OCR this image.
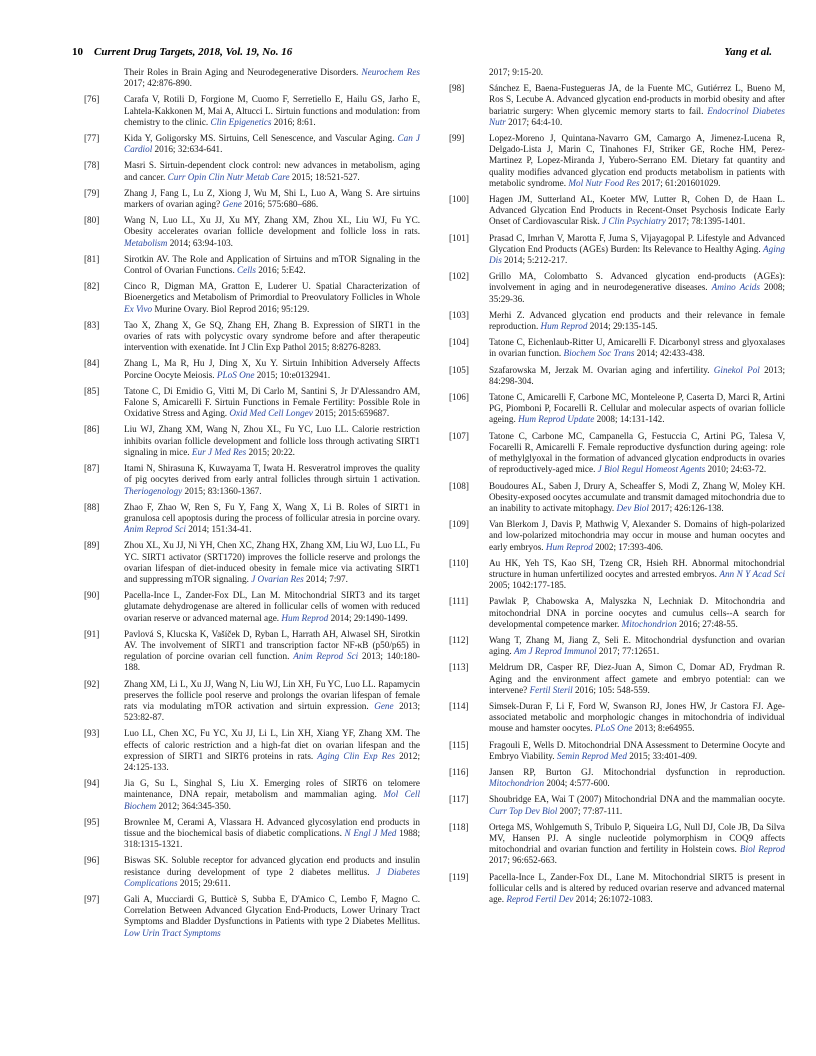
10 Current Drug Targets, 2018, Vol. 19, No. 16	Yang et al.
Their Roles in Brain Aging and Neurodegenerative Disorders. Neurochem Res 2017; 42:876-890.
[76]	Carafa V, Rotili D, Forgione M, Cuomo F, Serretiello E, Hailu GS, Jarho E, Lahtela-Kakkonen M, Mai A, Altucci L. Sirtuin functions and modulation: from chemistry to the clinic. Clin Epigenetics 2016; 8:61.
[77]	Kida Y, Goligorsky MS. Sirtuins, Cell Senescence, and Vascular Aging. Can J Cardiol 2016; 32:634-641.
[78]	Masri S. Sirtuin-dependent clock control: new advances in metabolism, aging and cancer. Curr Opin Clin Nutr Metab Care 2015; 18:521-527.
[79]	Zhang J, Fang L, Lu Z, Xiong J, Wu M, Shi L, Luo A, Wang S. Are sirtuins markers of ovarian aging? Gene 2016; 575:680–686.
[80]	Wang N, Luo LL, Xu JJ, Xu MY, Zhang XM, Zhou XL, Liu WJ, Fu YC. Obesity accelerates ovarian follicle development and follicle loss in rats. Metabolism 2014; 63:94-103.
[81]	Sirotkin AV. The Role and Application of Sirtuins and mTOR Signaling in the Control of Ovarian Functions. Cells 2016; 5:E42.
[82]	Cinco R, Digman MA, Gratton E, Luderer U. Spatial Characterization of Bioenergetics and Metabolism of Primordial to Preovulatory Follicles in Whole Ex Vivo Murine Ovary. Biol Reprod 2016; 95:129.
[83]	Tao X, Zhang X, Ge SQ, Zhang EH, Zhang B. Expression of SIRT1 in the ovaries of rats with polycystic ovary syndrome before and after therapeutic intervention with exenatide. Int J Clin Exp Pathol 2015; 8:8276-8283.
[84]	Zhang L, Ma R, Hu J, Ding X, Xu Y. Sirtuin Inhibition Adversely Affects Porcine Oocyte Meiosis. PLoS One 2015; 10:e0132941.
[85]	Tatone C, Di Emidio G, Vitti M, Di Carlo M, Santini S, Jr D'Alessandro AM, Falone S, Amicarelli F. Sirtuin Functions in Female Fertility: Possible Role in Oxidative Stress and Aging. Oxid Med Cell Longev 2015; 2015:659687.
[86]	Liu WJ, Zhang XM, Wang N, Zhou XL, Fu YC, Luo LL. Calorie restriction inhibits ovarian follicle development and follicle loss through activating SIRT1 signaling in mice. Eur J Med Res 2015; 20:22.
[87]	Itami N, Shirasuna K, Kuwayama T, Iwata H. Resveratrol improves the quality of pig oocytes derived from early antral follicles through sirtuin 1 activation. Theriogenology 2015; 83:1360-1367.
[88]	Zhao F, Zhao W, Ren S, Fu Y, Fang X, Wang X, Li B. Roles of SIRT1 in granulosa cell apoptosis during the process of follicular atresia in porcine ovary. Anim Reprod Sci 2014; 151:34-41.
[89]	Zhou XL, Xu JJ, Ni YH, Chen XC, Zhang HX, Zhang XM, Liu WJ, Luo LL, Fu YC. SIRT1 activator (SRT1720) improves the follicle reserve and prolongs the ovarian lifespan of diet-induced obesity in female mice via activating SIRT1 and suppressing mTOR signaling. J Ovarian Res 2014; 7:97.
[90]	Pacella-Ince L, Zander-Fox DL, Lan M. Mitochondrial SIRT3 and its target glutamate dehydrogenase are altered in follicular cells of women with reduced ovarian reserve or advanced maternal age. Hum Reprod 2014; 29:1490-1499.
[91]	Pavlová S, Klucska K, Vašíček D, Ryban L, Harrath AH, Alwasel SH, Sirotkin AV. The involvement of SIRT1 and transcription factor NF-κB (p50/p65) in regulation of porcine ovarian cell function. Anim Reprod Sci 2013; 140:180-188.
[92]	Zhang XM, Li L, Xu JJ, Wang N, Liu WJ, Lin XH, Fu YC, Luo LL. Rapamycin preserves the follicle pool reserve and prolongs the ovarian lifespan of female rats via modulating mTOR activation and sirtuin expression. Gene 2013; 523:82-87.
[93]	Luo LL, Chen XC, Fu YC, Xu JJ, Li L, Lin XH, Xiang YF, Zhang XM. The effects of caloric restriction and a high-fat diet on ovarian lifespan and the expression of SIRT1 and SIRT6 proteins in rats. Aging Clin Exp Res 2012; 24:125-133.
[94]	Jia G, Su L, Singhal S, Liu X. Emerging roles of SIRT6 on telomere maintenance, DNA repair, metabolism and mammalian aging. Mol Cell Biochem 2012; 364:345-350.
[95]	Brownlee M, Cerami A, Vlassara H. Advanced glycosylation end products in tissue and the biochemical basis of diabetic complications. N Engl J Med 1988; 318:1315-1321.
[96]	Biswas SK. Soluble receptor for advanced glycation end products and insulin resistance during development of type 2 diabetes mellitus. J Diabetes Complications 2015; 29:611.
[97]	Gali A, Mucciardi G, Butticè S, Subba E, D'Amico C, Lembo F, Magno C. Correlation Between Advanced Glycation End-Products, Lower Urinary Tract Symptoms and Bladder Dysfunctions in Patients with type 2 Diabetes Mellitus. Low Urin Tract Symptoms
2017; 9:15-20.
[98]	Sánchez E, Baena-Fustegueras JA, de la Fuente MC, Gutiérrez L, Bueno M, Ros S, Lecube A. Advanced glycation end-products in morbid obesity and after bariatric surgery: When glycemic memory starts to fail. Endocrinol Diabetes Nutr 2017; 64:4-10.
[99]	Lopez-Moreno J, Quintana-Navarro GM, Camargo A, Jimenez-Lucena R, Delgado-Lista J, Marin C, Tinahones FJ, Striker GE, Roche HM, Perez-Martinez P, Lopez-Miranda J, Yubero-Serrano EM. Dietary fat quantity and quality modifies advanced glycation end products metabolism in patients with metabolic syndrome. Mol Nutr Food Res 2017; 61:201601029.
[100] Hagen JM, Sutterland AL, Koeter MW, Lutter R, Cohen D, de Haan L. Advanced Glycation End Products in Recent-Onset Psychosis Indicate Early Onset of Cardiovascular Risk. J Clin Psychiatry 2017; 78:1395-1401.
[101] Prasad C, Imrhan V, Marotta F, Juma S, Vijayagopal P. Lifestyle and Advanced Glycation End Products (AGEs) Burden: Its Relevance to Healthy Aging. Aging Dis 2014; 5:212-217.
[102] Grillo MA, Colombatto S. Advanced glycation end-products (AGEs): involvement in aging and in neurodegenerative diseases. Amino Acids 2008; 35:29-36.
[103] Merhi Z. Advanced glycation end products and their relevance in female reproduction. Hum Reprod 2014; 29:135-145.
[104] Tatone C, Eichenlaub-Ritter U, Amicarelli F. Dicarbonyl stress and glyoxalases in ovarian function. Biochem Soc Trans 2014; 42:433-438.
[105] Szafarowska M, Jerzak M. Ovarian aging and infertility. Ginekol Pol 2013; 84:298-304.
[106] Tatone C, Amicarelli F, Carbone MC, Monteleone P, Caserta D, Marci R, Artini PG, Piomboni P, Focarelli R. Cellular and molecular aspects of ovarian follicle ageing. Hum Reprod Update 2008; 14:131-142.
[107] Tatone C, Carbone MC, Campanella G, Festuccia C, Artini PG, Talesa V, Focarelli R, Amicarelli F. Female reproductive dysfunction during ageing: role of methylglyoxal in the formation of advanced glycation endproducts in ovaries of reproductively-aged mice. J Biol Regul Homeost Agents 2010; 24:63-72.
[108] Boudoures AL, Saben J, Drury A, Scheaffer S, Modi Z, Zhang W, Moley KH. Obesity-exposed oocytes accumulate and transmit damaged mitochondria due to an inability to activate mitophagy. Dev Biol 2017; 426:126-138.
[109] Van Blerkom J, Davis P, Mathwig V, Alexander S. Domains of high-polarized and low-polarized mitochondria may occur in mouse and human oocytes and early embryos. Hum Reprod 2002; 17:393-406.
[110] Au HK, Yeh TS, Kao SH, Tzeng CR, Hsieh RH. Abnormal mitochondrial structure in human unfertilized oocytes and arrested embryos. Ann N Y Acad Sci 2005; 1042:177-185.
[111] Pawlak P, Chabowska A, Malyszka N, Lechniak D. Mitochondria and mitochondrial DNA in porcine oocytes and cumulus cells--A search for developmental competence marker. Mitochondrion 2016; 27:48-55.
[112] Wang T, Zhang M, Jiang Z, Seli E. Mitochondrial dysfunction and ovarian aging. Am J Reprod Immunol 2017; 77:12651.
[113] Meldrum DR, Casper RF, Diez-Juan A, Simon C, Domar AD, Frydman R. Aging and the environment affect gamete and embryo potential: can we intervene? Fertil Steril 2016; 105: 548-559.
[114] Simsek-Duran F, Li F, Ford W, Swanson RJ, Jones HW, Jr Castora FJ. Age-associated metabolic and morphologic changes in mitochondria of individual mouse and hamster oocytes. PLoS One 2013; 8:e64955.
[115] Fragouli E, Wells D. Mitochondrial DNA Assessment to Determine Oocyte and Embryo Viability. Semin Reprod Med 2015; 33:401-409.
[116] Jansen RP, Burton GJ. Mitochondrial dysfunction in reproduction. Mitochondrion 2004; 4:577-600.
[117] Shoubridge EA, Wai T (2007) Mitochondrial DNA and the mammalian oocyte. Curr Top Dev Biol 2007; 77:87-111.
[118] Ortega MS, Wohlgemuth S, Tribulo P, Siqueira LG, Null DJ, Cole JB, Da Silva MV, Hansen PJ. A single nucleotide polymorphism in COQ9 affects mitochondrial and ovarian function and fertility in Holstein cows. Biol Reprod 2017; 96:652-663.
[119] Pacella-Ince L, Zander-Fox DL, Lane M. Mitochondrial SIRT5 is present in follicular cells and is altered by reduced ovarian reserve and advanced maternal age. Reprod Fertil Dev 2014; 26:1072-1083.
